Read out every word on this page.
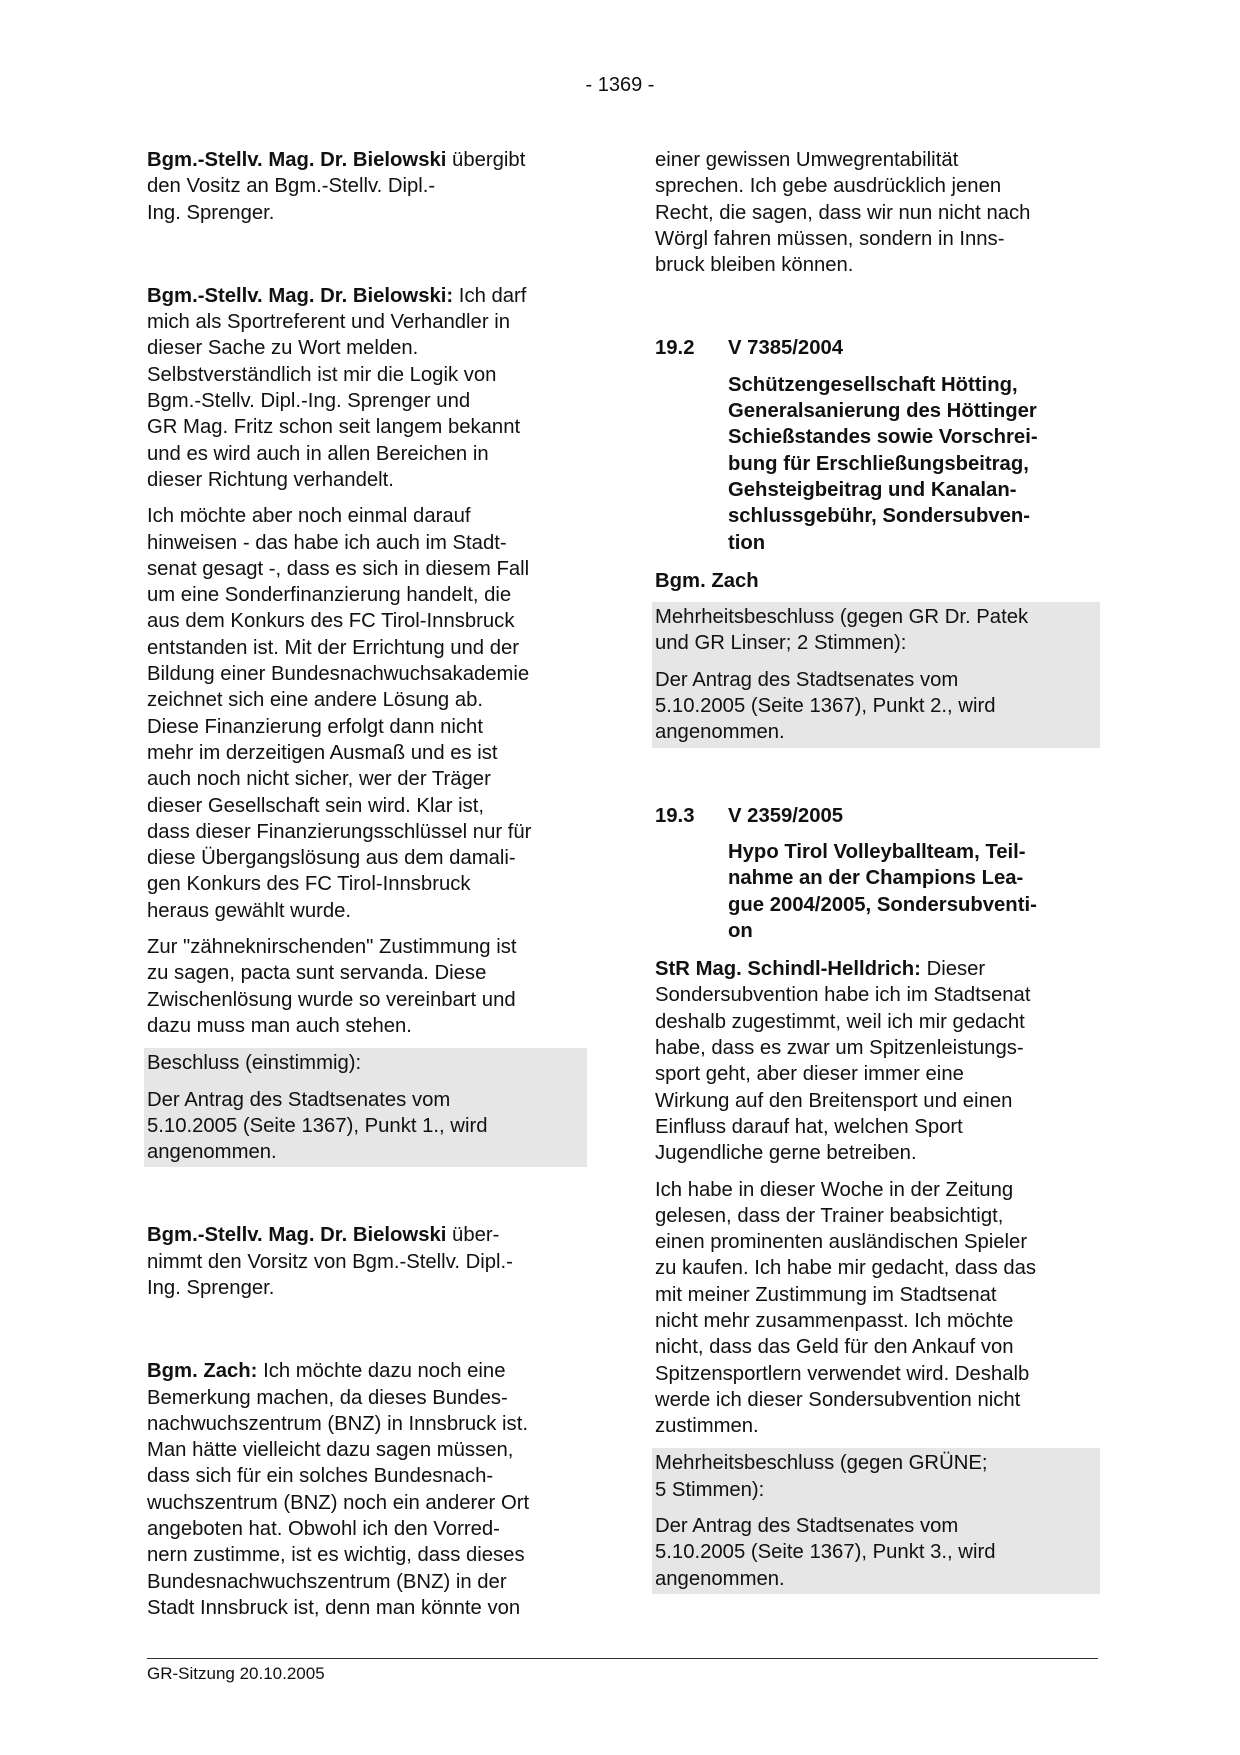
- 1369 -

Bgm.-Stellv. Mag. Dr. Bielowski übergibt
den Vositz an Bgm.-Stellv. Dipl.-
Ing. Sprenger.

Bgm.-Stellv. Mag. Dr. Bielowski: Ich darf
mich als Sportreferent und Verhandler in
dieser Sache zu Wort melden.
Selbstverständlich ist mir die Logik von
Bgm.-Stellv. Dipl.-Ing. Sprenger und
GR Mag. Fritz schon seit langem bekannt
und es wird auch in allen Bereichen in
dieser Richtung verhandelt.

Ich möchte aber noch einmal darauf
hinweisen - das habe ich auch im Stadt-
senat gesagt -, dass es sich in diesem Fall
um eine Sonderfinanzierung handelt, die
aus dem Konkurs des FC Tirol-Innsbruck
entstanden ist. Mit der Errichtung und der
Bildung einer Bundesnachwuchsakademie
zeichnet sich eine andere Lösung ab.
Diese Finanzierung erfolgt dann nicht
mehr im derzeitigen Ausmaß und es ist
auch noch nicht sicher, wer der Träger
dieser Gesellschaft sein wird. Klar ist,
dass dieser Finanzierungsschlüssel nur für
diese Übergangslösung aus dem damali-
gen Konkurs des FC Tirol-Innsbruck
heraus gewählt wurde.

Zur "zähneknirschenden" Zustimmung ist
zu sagen, pacta sunt servanda. Diese
Zwischenlösung wurde so vereinbart und
dazu muss man auch stehen.

Beschluss (einstimmig):

Der Antrag des Stadtsenates vom
5.10.2005 (Seite 1367), Punkt 1., wird
angenommen.

Bgm.-Stellv. Mag. Dr. Bielowski über-
nimmt den Vorsitz von Bgm.-Stellv. Dipl.-
Ing. Sprenger.

Bgm. Zach: Ich möchte dazu noch eine
Bemerkung machen, da dieses Bundes-
nachwuchszentrum (BNZ) in Innsbruck ist.
Man hätte vielleicht dazu sagen müssen,
dass sich für ein solches Bundesnach-
wuchszentrum (BNZ) noch ein anderer Ort
angeboten hat. Obwohl ich den Vorred-
nern zustimme, ist es wichtig, dass dieses
Bundesnachwuchszentrum (BNZ) in der
Stadt Innsbruck ist, denn man könnte von

einer gewissen Umwegrentabilität
sprechen. Ich gebe ausdrücklich jenen
Recht, die sagen, dass wir nun nicht nach
Wörgl fahren müssen, sondern in Inns-
bruck bleiben können.

19.2	V 7385/2004

Schützengesellschaft Hötting,
Generalsanierung des Höttinger
Schießstandes sowie Vorschrei-
bung für Erschließungsbeitrag,
Gehsteigbeitrag und Kanalan-
schlussgebühr, Sondersubven-
tion

Bgm. Zach

Mehrheitsbeschluss (gegen GR Dr. Patek
und GR Linser; 2 Stimmen):

Der Antrag des Stadtsenates vom
5.10.2005 (Seite 1367), Punkt 2., wird
angenommen.

19.3	V 2359/2005

Hypo Tirol Volleyballteam, Teil-
nahme an der Champions Lea-
gue 2004/2005, Sondersubventi-
on

StR Mag. Schindl-Helldrich: Dieser
Sondersubvention habe ich im Stadtsenat
deshalb zugestimmt, weil ich mir gedacht
habe, dass es zwar um Spitzenleistungs-
sport geht, aber dieser immer eine
Wirkung auf den Breitensport und einen
Einfluss darauf hat, welchen Sport
Jugendliche gerne betreiben.

Ich habe in dieser Woche in der Zeitung
gelesen, dass der Trainer beabsichtigt,
einen prominenten ausländischen Spieler
zu kaufen. Ich habe mir gedacht, dass das
mit meiner Zustimmung im Stadtsenat
nicht mehr zusammenpasst. Ich möchte
nicht, dass das Geld für den Ankauf von
Spitzensportlern verwendet wird. Deshalb
werde ich dieser Sondersubvention nicht
zustimmen.

Mehrheitsbeschluss (gegen GRÜNE;
5 Stimmen):

Der Antrag des Stadtsenates vom
5.10.2005 (Seite 1367), Punkt 3., wird
angenommen.

GR-Sitzung 20.10.2005
